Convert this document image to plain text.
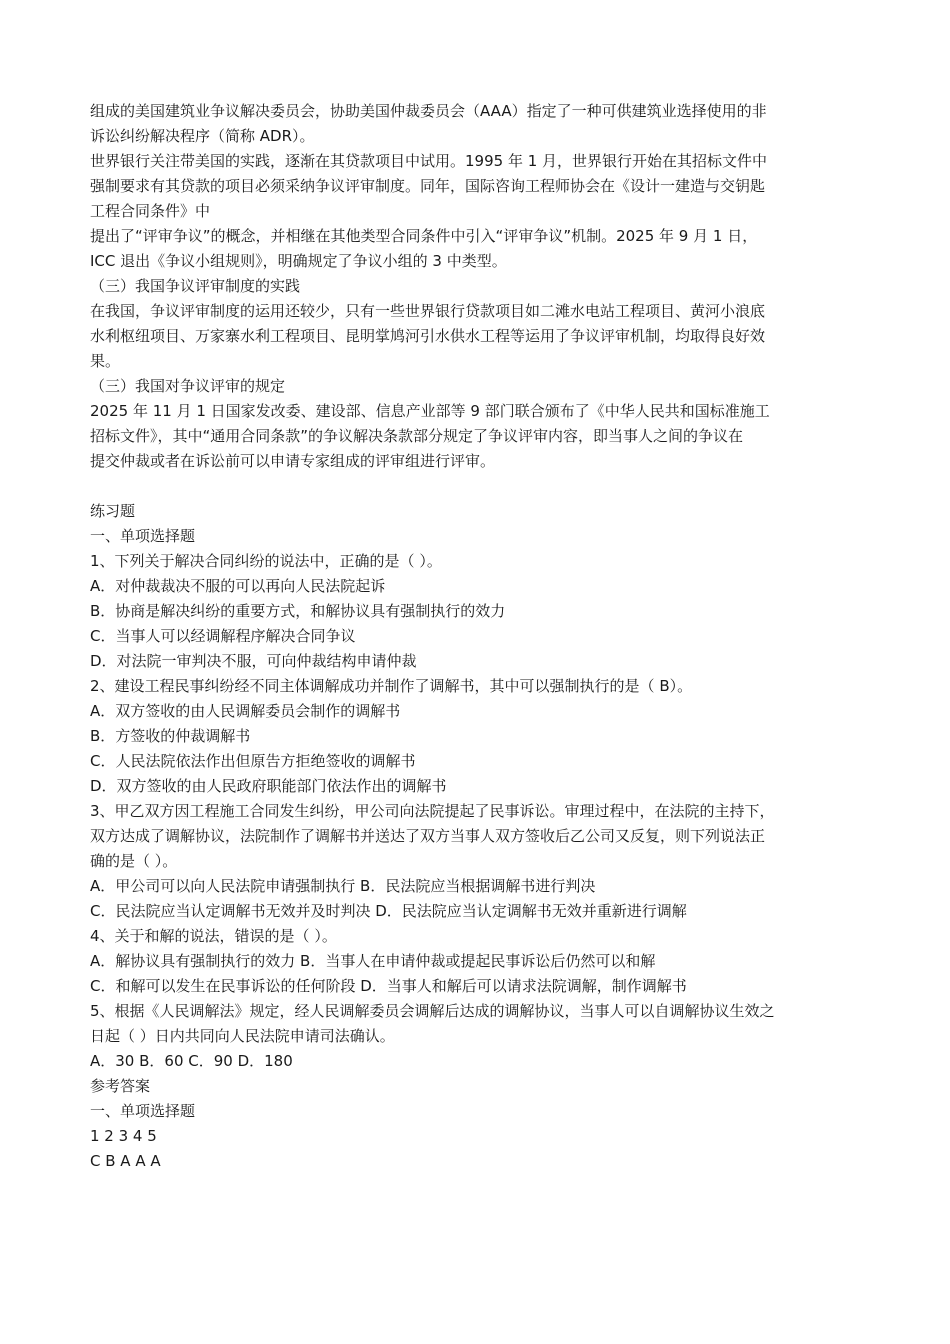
组成的美国建筑业争议解决委员会，协助美国仲裁委员会（AAA）指定了一种可供建筑业选择使用的非
诉讼纠纷解决程序（简称 ADR）。
世界银行关注带美国的实践，逐渐在其贷款项目中试用。1995 年 1 月，世界银行开始在其招标文件中
强制要求有其贷款的项目必须采纳争议评审制度。同年，国际咨询工程师协会在《设计一建造与交钥匙
工程合同条件》中
提出了“评审争议”的概念，并相继在其他类型合同条件中引入“评审争议”机制。2025 年 9 月 1 日，
ICC 退出《争议小组规则》，明确规定了争议小组的 3 中类型。
（三）我国争议评审制度的实践
在我国，争议评审制度的运用还较少，只有一些世界银行贷款项目如二滩水电站工程项目、黄河小浪底
水利枢纽项目、万家寨水利工程项目、昆明掌鸠河引水供水工程等运用了争议评审机制，均取得良好效
果。
（三）我国对争议评审的规定
2025 年 11 月 1 日国家发改委、建设部、信息产业部等 9 部门联合颁布了《中华人民共和国标准施工
招标文件》，其中“通用合同条款”的争议解决条款部分规定了争议评审内容，即当事人之间的争议在
提交仲裁或者在诉讼前可以申请专家组成的评审组进行评审。
练习题
一、单项选择题
1、下列关于解决合同纠纷的说法中，正确的是（ ）。
A．对仲裁裁决不服的可以再向人民法院起诉
B．协商是解决纠纷的重要方式，和解协议具有强制执行的效力
C．当事人可以经调解程序解决合同争议
D．对法院一审判决不服，可向仲裁结构申请仲裁
2、建设工程民事纠纷经不同主体调解成功并制作了调解书，其中可以强制执行的是（ B）。
A．双方签收的由人民调解委员会制作的调解书
B．方签收的仲裁调解书
C．人民法院依法作出但原告方拒绝签收的调解书
D．双方签收的由人民政府职能部门依法作出的调解书
3、甲乙双方因工程施工合同发生纠纷，甲公司向法院提起了民事诉讼。审理过程中，在法院的主持下，
双方达成了调解协议，法院制作了调解书并送达了双方当事人双方签收后乙公司又反复，则下列说法正
确的是（ ）。
A．甲公司可以向人民法院申请强制执行 B．民法院应当根据调解书进行判决
C．民法院应当认定调解书无效并及时判决 D．民法院应当认定调解书无效并重新进行调解
4、关于和解的说法，错误的是（ ）。
A．解协议具有强制执行的效力 B．当事人在申请仲裁或提起民事诉讼后仍然可以和解
C．和解可以发生在民事诉讼的任何阶段 D．当事人和解后可以请求法院调解，制作调解书
5、根据《人民调解法》规定，经人民调解委员会调解后达成的调解协议，当事人可以自调解协议生效之
日起（ ）日内共同向人民法院申请司法确认。
A．30 B．60 C．90 D．180
参考答案
一、单项选择题
1 2 3 4 5
C B A A A
